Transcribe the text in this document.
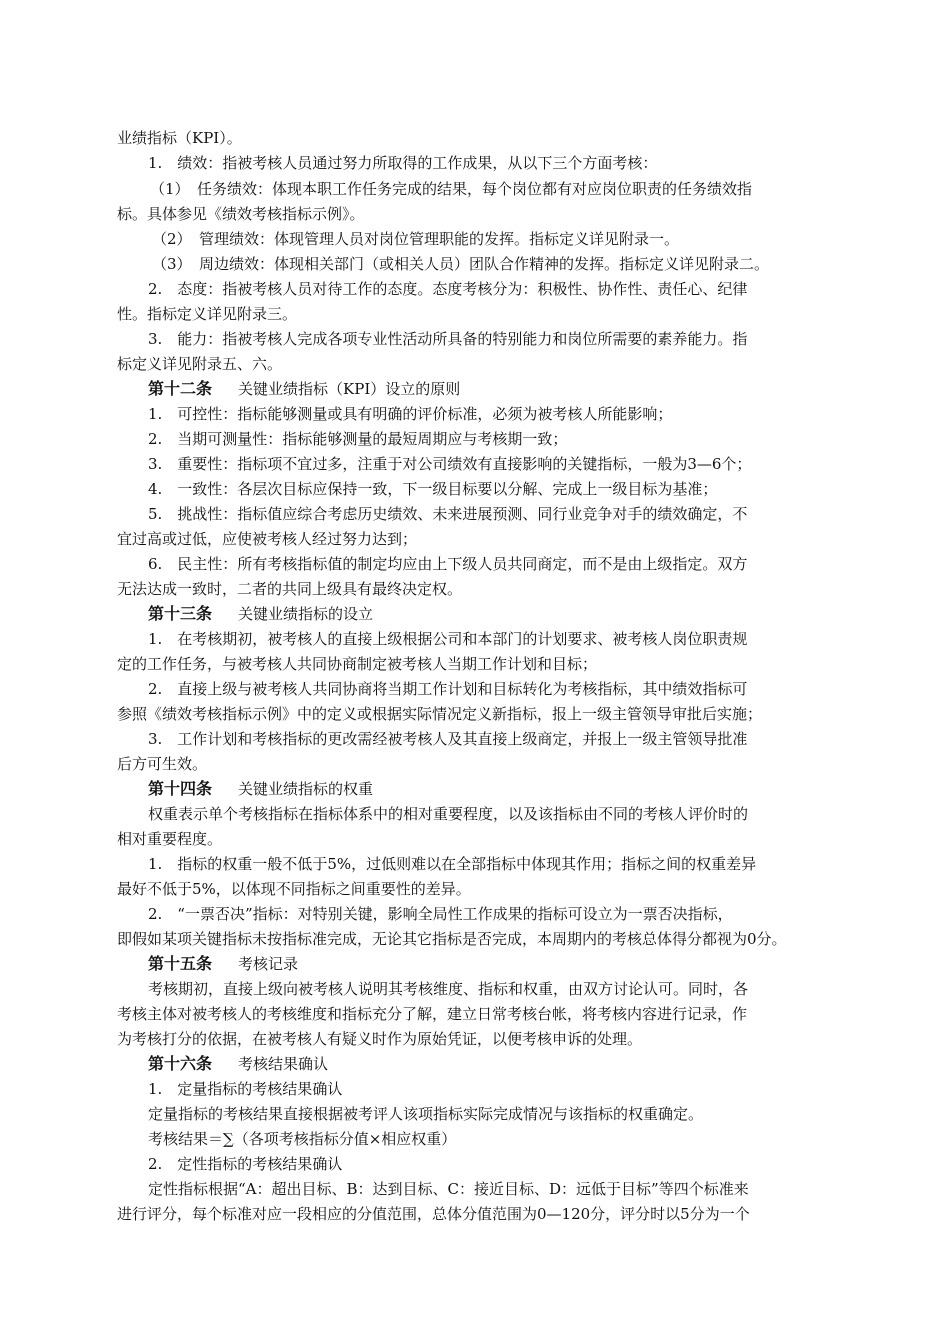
业绩指标（KPI）。
1.　绩效：指被考核人员通过努力所取得的工作成果，从以下三个方面考核：
（1）　任务绩效：体现本职工作任务完成的结果，每个岗位都有对应岗位职责的任务绩效指
标。具体参见《绩效考核指标示例》。
（2）　管理绩效：体现管理人员对岗位管理职能的发挥。指标定义详见附录一。
（3）　周边绩效：体现相关部门（或相关人员）团队合作精神的发挥。指标定义详见附录二。
2.　态度：指被考核人员对待工作的态度。态度考核分为：积极性、协作性、责任心、纪律
性。指标定义详见附录三。
3.　能力：指被考核人完成各项专业性活动所具备的特别能力和岗位所需要的素养能力。指
标定义详见附录五、六。
第十二条 关键业绩指标（KPI）设立的原则
1.　可控性：指标能够测量或具有明确的评价标准，必须为被考核人所能影响；
2.　当期可测量性：指标能够测量的最短周期应与考核期一致；
3.　重要性：指标项不宜过多，注重于对公司绩效有直接影响的关键指标，一般为3—6个；
4.　一致性：各层次目标应保持一致，下一级目标要以分解、完成上一级目标为基准；
5.　挑战性：指标值应综合考虑历史绩效、未来进展预测、同行业竞争对手的绩效确定，不
宜过高或过低，应使被考核人经过努力达到；
6.　民主性：所有考核指标值的制定均应由上下级人员共同商定，而不是由上级指定。双方
无法达成一致时，二者的共同上级具有最终决定权。
第十三条 关键业绩指标的设立
1.　在考核期初，被考核人的直接上级根据公司和本部门的计划要求、被考核人岗位职责规
定的工作任务，与被考核人共同协商制定被考核人当期工作计划和目标；
2.　直接上级与被考核人共同协商将当期工作计划和目标转化为考核指标，其中绩效指标可
参照《绩效考核指标示例》中的定义或根据实际情况定义新指标，报上一级主管领导审批后实施；
3.　工作计划和考核指标的更改需经被考核人及其直接上级商定，并报上一级主管领导批准
后方可生效。
第十四条 关键业绩指标的权重
权重表示单个考核指标在指标体系中的相对重要程度，以及该指标由不同的考核人评价时的
相对重要程度。
1.　指标的权重一般不低于5%，过低则难以在全部指标中体现其作用；指标之间的权重差异
最好不低于5%，以体现不同指标之间重要性的差异。
2.　“一票否决”指标：对特别关键，影响全局性工作成果的指标可设立为一票否决指标，
即假如某项关键指标未按指标准完成，无论其它指标是否完成，本周期内的考核总体得分都视为0分。
第十五条 考核记录
考核期初，直接上级向被考核人说明其考核维度、指标和权重，由双方讨论认可。同时，各
考核主体对被考核人的考核维度和指标充分了解，建立日常考核台帐，将考核内容进行记录，作
为考核打分的依据，在被考核人有疑义时作为原始凭证，以便考核申诉的处理。
第十六条 考核结果确认
1.　定量指标的考核结果确认
定量指标的考核结果直接根据被考评人该项指标实际完成情况与该指标的权重确定。
考核结果＝∑（各项考核指标分值×相应权重）
2.　定性指标的考核结果确认
定性指标根据“A：超出目标、B：达到目标、C：接近目标、D：远低于目标”等四个标准来
进行评分，每个标准对应一段相应的分值范围，总体分值范围为0—120分，评分时以5分为一个
